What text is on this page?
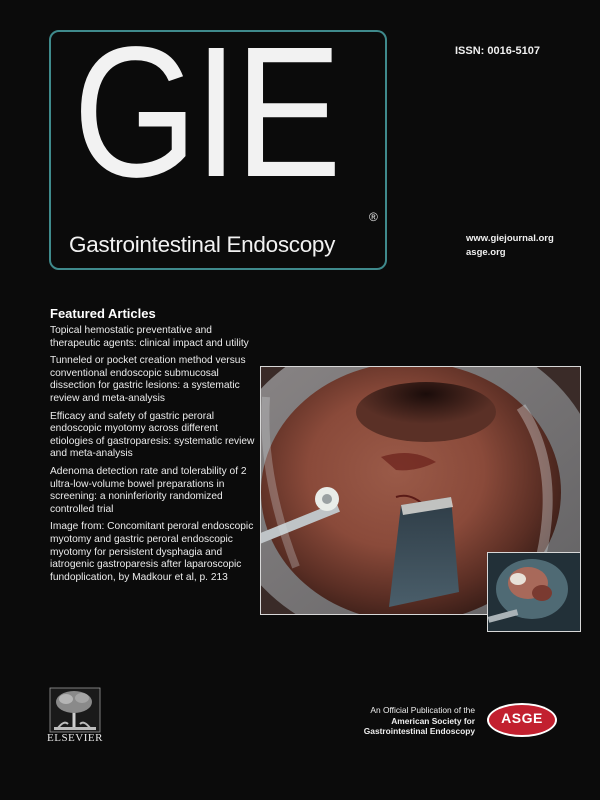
GIE
®
Gastrointestinal Endoscopy
ISSN: 0016-5107
www.giejournal.org
asge.org
Featured Articles
Topical hemostatic preventative and therapeutic agents: clinical impact and utility
Tunneled or pocket creation method versus conventional endoscopic submucosal dissection for gastric lesions: a systematic review and meta-analysis
Efficacy and safety of gastric peroral endoscopic myotomy across different etiologies of gastroparesis: systematic review and meta-analysis
Adenoma detection rate and tolerability of 2 ultra-low-volume bowel preparations in screening: a noninferiority randomized controlled trial
Image from: Concomitant peroral endoscopic myotomy and gastric peroral endoscopic myotomy for persistent dysphagia and iatrogenic gastroparesis after laparoscopic fundoplication, by Madkour et al, p. 213
ELSEVIER
An Official Publication of the
American Society for
Gastrointestinal Endoscopy
ASGE
